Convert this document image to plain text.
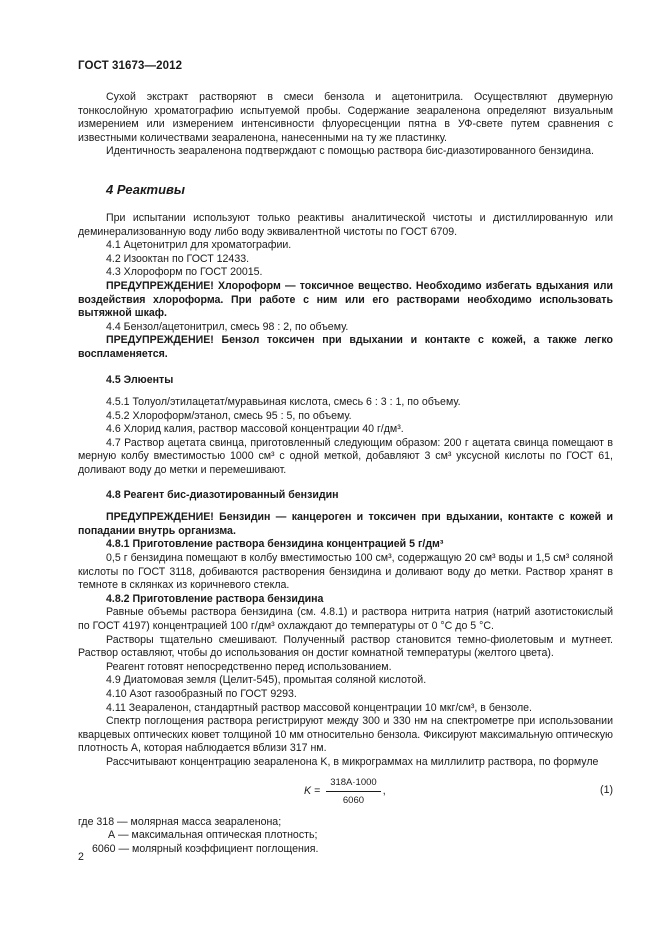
ГОСТ 31673—2012

Сухой экстракт растворяют в смеси бензола и ацетонитрила. Осуществляют двумерную тонкослойную хроматографию испытуемой пробы. Содержание зеараленона определяют визуальным измерением или измерением интенсивности флуоресценции пятна в УФ-свете путем сравнения с известными количествами зеараленона, нанесенными на ту же пластинку.

Идентичность зеараленона подтверждают с помощью раствора бис-диазотированного бензидина.

4 Реактивы

При испытании используют только реактивы аналитической чистоты и дистиллированную или деминерализованную воду либо воду эквивалентной чистоты по ГОСТ 6709.

4.1 Ацетонитрил для хроматографии.

4.2 Изооктан по ГОСТ 12433.

4.3 Хлороформ по ГОСТ 20015.

ПРЕДУПРЕЖДЕНИЕ! Хлороформ — токсичное вещество. Необходимо избегать вдыхания или воздействия хлороформа. При работе с ним или его растворами необходимо использовать вытяжной шкаф.

4.4 Бензол/ацетонитрил, смесь 98 : 2, по объему.

ПРЕДУПРЕЖДЕНИЕ! Бензол токсичен при вдыхании и контакте с кожей, а также легко воспламеняется.

4.5 Элюенты

4.5.1 Толуол/этилацетат/муравьиная кислота, смесь 6 : 3 : 1, по объему.

4.5.2 Хлороформ/этанол, смесь 95 : 5, по объему.

4.6 Хлорид калия, раствор массовой концентрации 40 г/дм³.

4.7 Раствор ацетата свинца, приготовленный следующим образом: 200 г ацетата свинца помещают в мерную колбу вместимостью 1000 см³ с одной меткой, добавляют 3 см³ уксусной кислоты по ГОСТ 61, доливают воду до метки и перемешивают.

4.8 Реагент бис-диазотированный бензидин

ПРЕДУПРЕЖДЕНИЕ! Бензидин — канцероген и токсичен при вдыхании, контакте с кожей и попадании внутрь организма.

4.8.1 Приготовление раствора бензидина концентрацией 5 г/дм³

0,5 г бензидина помещают в колбу вместимостью 100 см³, содержащую 20 см³ воды и 1,5 см³ соляной кислоты по ГОСТ 3118, добиваются растворения бензидина и доливают воду до метки. Раствор хранят в темноте в склянках из коричневого стекла.

4.8.2 Приготовление раствора бензидина

Равные объемы раствора бензидина (см. 4.8.1) и раствора нитрита натрия (натрий азотистокислый по ГОСТ 4197) концентрацией 100 г/дм³ охлаждают до температуры от 0 °С до 5 °С.

Растворы тщательно смешивают. Полученный раствор становится темно-фиолетовым и мутнеет. Раствор оставляют, чтобы до использования он достиг комнатной температуры (желтого цвета).

Реагент готовят непосредственно перед использованием.

4.9 Диатомовая земля (Целит-545), промытая соляной кислотой.

4.10 Азот газообразный по ГОСТ 9293.

4.11 Зеараленон, стандартный раствор массовой концентрации 10 мкг/см³, в бензоле.

Спектр поглощения раствора регистрируют между 300 и 330 нм на спектрометре при использовании кварцевых оптических кювет толщиной 10 мм относительно бензола. Фиксируют максимальную оптическую плотность А, которая наблюдается вблизи 317 нм.

Рассчитывают концентрацию зеараленона K, в микрограммах на миллилитр раствора, по формуле

$K = \frac{318A\cdot 1000}{6060}$ ,	(1)
где 318 — молярная масса зеараленона;
А — максимальная оптическая плотность;
6060 — молярный коэффициент поглощения.
2
